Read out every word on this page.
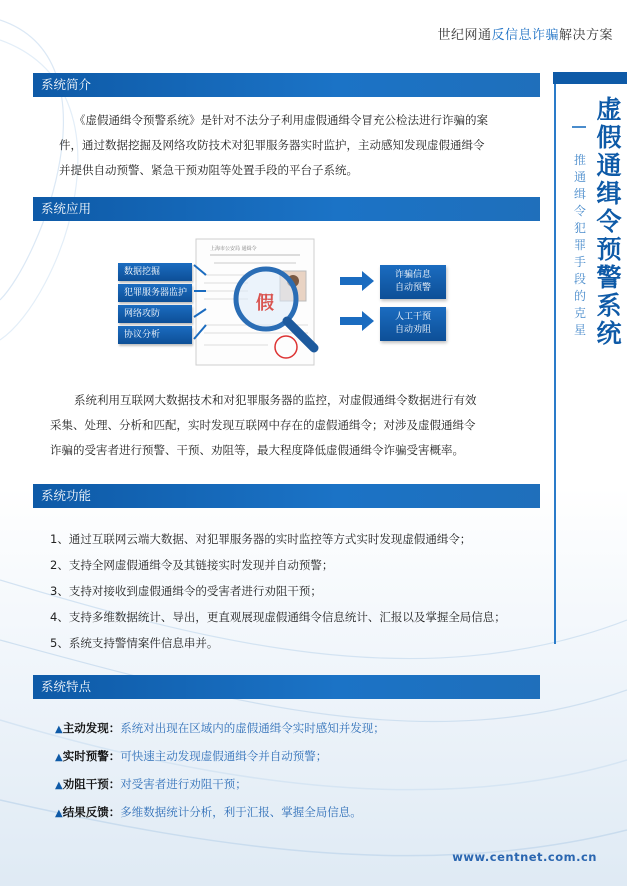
世纪网通反信息诈骗解决方案
虚假通缉令预警系统
推通缉令犯罪手段的克星
系统简介
《虚假通缉令预警系统》是针对不法分子利用虚假通缉令冒充公检法进行诈骗的案
件，通过数据挖掘及网络攻防技术对犯罪服务器实时监护，主动感知发现虚假通缉令
并提供自动预警、紧急干预劝阻等处置手段的平台子系统。
系统应用
假
上海市公安局 通缉令
数据挖掘
犯罪服务器监护
网络攻防
协议分析
诈骗信息
自动预警
人工干预
自动劝阻
系统利用互联网大数据技术和对犯罪服务器的监控，对虚假通缉令数据进行有效
采集、处理、分析和匹配，实时发现互联网中存在的虚假通缉令；对涉及虚假通缉令
诈骗的受害者进行预警、干预、劝阻等，最大程度降低虚假通缉令诈骗受害概率。
系统功能
1、通过互联网云端大数据、对犯罪服务器的实时监控等方式实时发现虚假通缉令；
2、支持全网虚假通缉令及其链接实时发现并自动预警；
3、支持对接收到虚假通缉令的受害者进行劝阻干预；
4、支持多维数据统计、导出，更直观展现虚假通缉令信息统计、汇报以及掌握全局信息；
5、系统支持警情案件信息串并。
系统特点
▲主动发现：系统对出现在区域内的虚假通缉令实时感知并发现；
▲实时预警：可快速主动发现虚假通缉令并自动预警；
▲劝阻干预：对受害者进行劝阻干预；
▲结果反馈：多维数据统计分析，利于汇报、掌握全局信息。
www.centnet.com.cn
